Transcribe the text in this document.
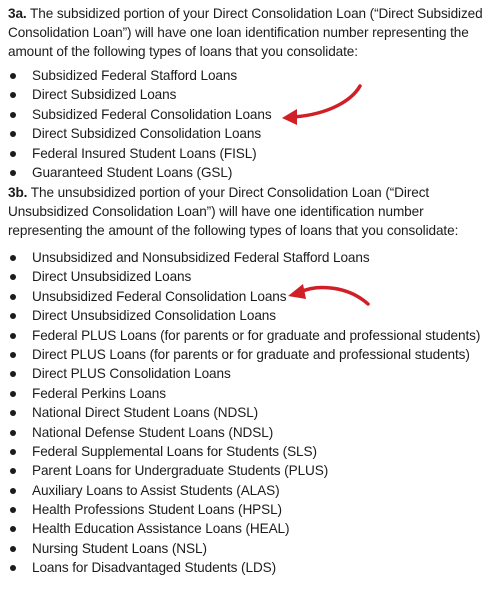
3a. The subsidized portion of your Direct Consolidation Loan (“Direct Subsidized Consolidation Loan”) will have one loan identification number representing the amount of the following types of loans that you consolidate:
Subsidized Federal Stafford Loans
Direct Subsidized Loans
Subsidized Federal Consolidation Loans
Direct Subsidized Consolidation Loans
Federal Insured Student Loans (FISL)
Guaranteed Student Loans (GSL)
3b. The unsubsidized portion of your Direct Consolidation Loan (“Direct Unsubsidized Consolidation Loan”) will have one identification number representing the amount of the following types of loans that you consolidate:
Unsubsidized and Nonsubsidized Federal Stafford Loans
Direct Unsubsidized Loans
Unsubsidized Federal Consolidation Loans
Direct Unsubsidized Consolidation Loans
Federal PLUS Loans (for parents or for graduate and professional students)
Direct PLUS Loans (for parents or for graduate and professional students)
Direct PLUS Consolidation Loans
Federal Perkins Loans
National Direct Student Loans (NDSL)
National Defense Student Loans (NDSL)
Federal Supplemental Loans for Students (SLS)
Parent Loans for Undergraduate Students (PLUS)
Auxiliary Loans to Assist Students (ALAS)
Health Professions Student Loans (HPSL)
Health Education Assistance Loans (HEAL)
Nursing Student Loans (NSL)
Loans for Disadvantaged Students (LDS)
